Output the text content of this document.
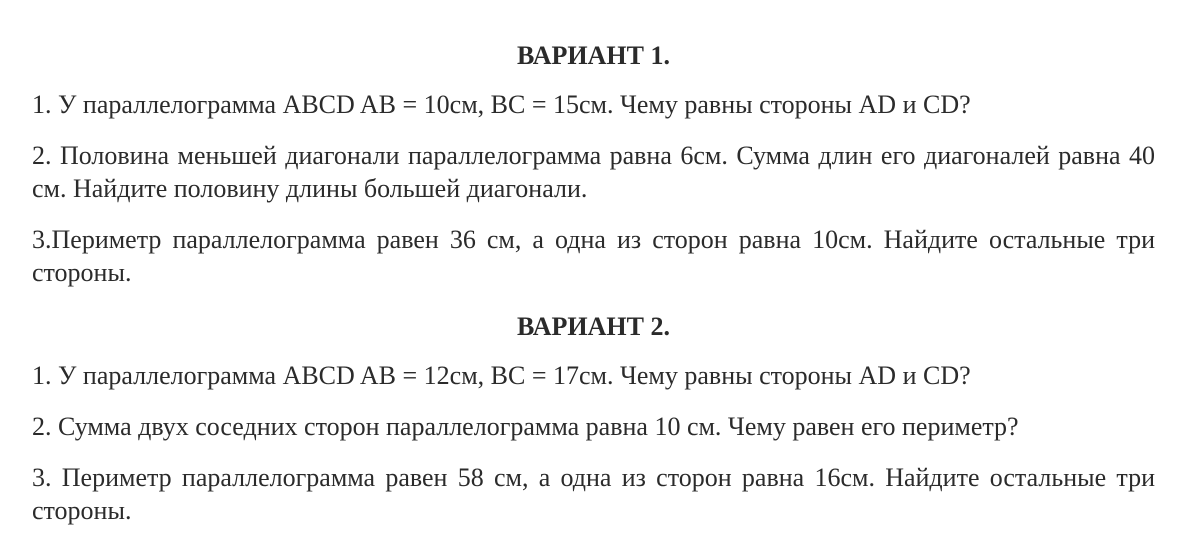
ВАРИАНТ 1.
1. У параллелограмма ABCD AB = 10см, BC = 15см. Чему равны стороны AD и CD?
2. Половина меньшей диагонали параллелограмма равна 6см. Сумма длин его диагоналей равна 40 см. Найдите половину длины большей диагонали.
3.Периметр параллелограмма равен 36 см, а одна из сторон равна 10см. Найдите остальные три стороны.
ВАРИАНТ 2.
1. У параллелограмма ABCD AB = 12см, BC = 17см. Чему равны стороны AD и CD?
2. Сумма двух соседних сторон параллелограмма равна 10 см. Чему равен его периметр?
3. Периметр параллелограмма равен 58 см, а одна из сторон равна 16см. Найдите остальные три стороны.
